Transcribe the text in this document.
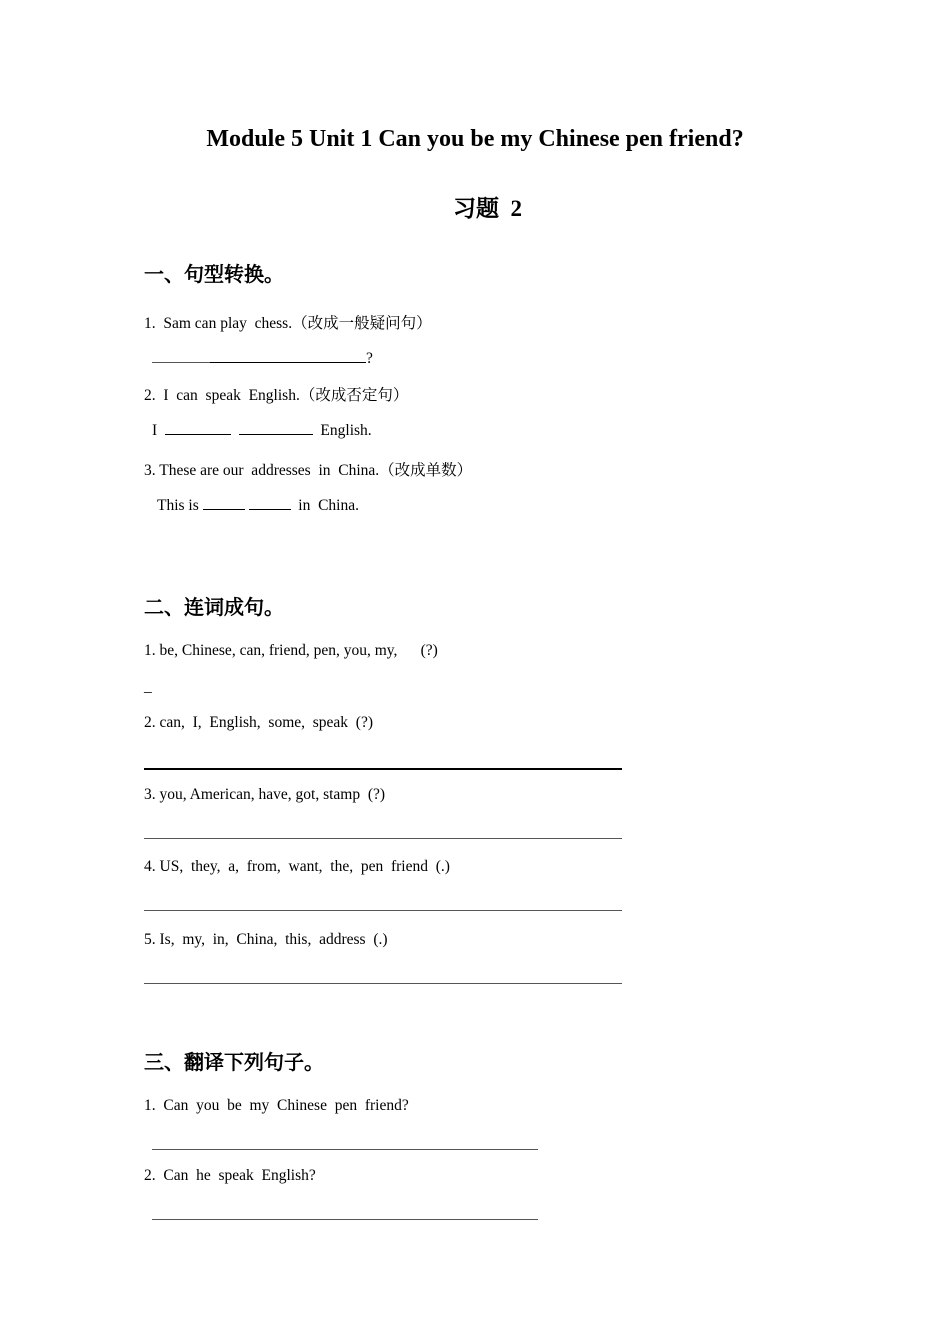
Module 5 Unit 1 Can you be my Chinese pen friend?
习题  2
一、句型转换。
1.  Sam can play  chess.（改成一般疑问句）
?
2.  I  can  speak  English.（改成否定句）
I	English.
3. These are our  addresses  in  China.（改成单数）
This is	in  China.
二、连词成句。
1. be, Chinese, can, friend, pen, you, my,      (?)
_
2. can,  I,  English,  some,  speak  (?)
3. you, American, have, got, stamp  (?)
4. US,  they,  a,  from,  want,  the,  pen  friend  (.)
5. Is,  my,  in,  China,  this,  address  (.)
三、翻译下列句子。
1.  Can  you  be  my  Chinese  pen  friend?
2.  Can  he  speak  English?
